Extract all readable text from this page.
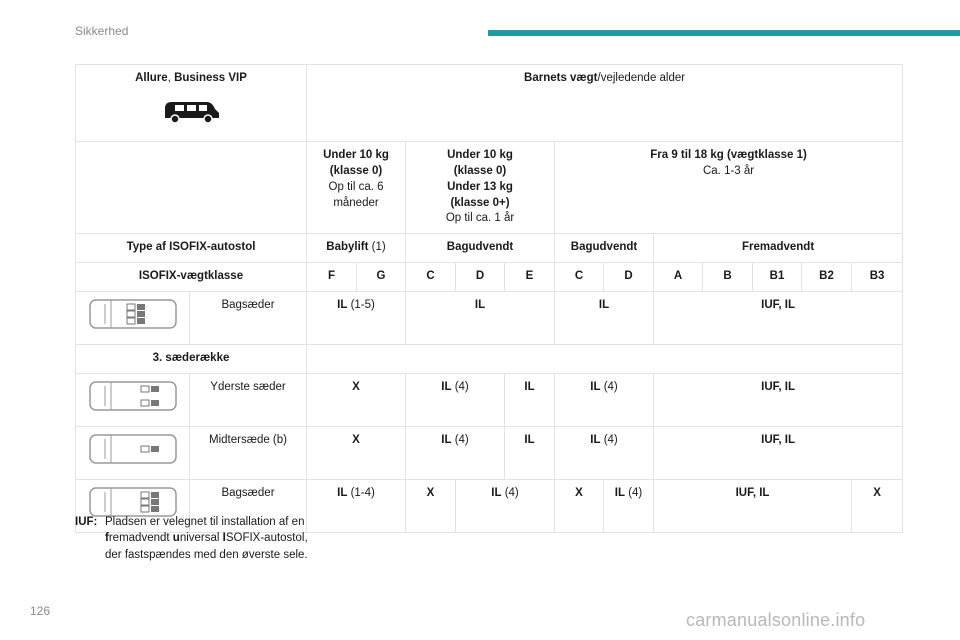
Sikkerhed
Allure, Business VIP		Barnets vægt/vejledende alder											
		Under 10 kg
(klasse 0)
Op til ca. 6
måneder		Under 10 kg
(klasse 0)
Under 13 kg
(klasse 0+)
Op til ca. 1 år			Fra 9 til 18 kg (vægtklasse 1)
Ca. 1-3 år						
Type af ISOFIX-autostol		Babylift (1)		Bagudvendt			Bagudvendt		Fremadvendt				
ISOFIX-vægtklasse		F	G	C	D	E	C	D	A	B	B1	B2	B3

	Bagsæder	IL (1-5)		IL			IL		IUF, IL				
3. sæderække													

	Yderste sæder	X		IL (4)		IL	IL (4)		IUF, IL				

	Midtersæde (b)	X		IL (4)		IL	IL (4)		IUF, IL				

	Bagsæder	IL (1-4)		X	IL (4)		X	IL (4)	IUF, IL				X
IUF: Pladsen er velegnet til installation af en
fremadvendt universal ISOFIX-autostol,
der fastspændes med den øverste sele.
126	carmanualsonline.info
